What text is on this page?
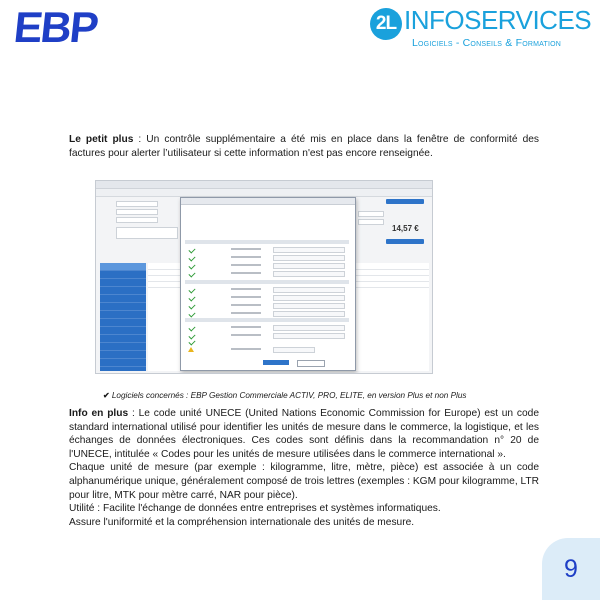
EBP	2L INFOSERVICES
Logiciels - Conseils & Formation
Le petit plus : Un contrôle supplémentaire a été mis en place dans la fenêtre de conformité des factures pour alerter l’utilisateur si cette information n'est pas encore renseignée.
14,57 €
✔ Logiciels concernés : EBP Gestion Commerciale ACTIV, PRO, ELITE, en version Plus et non Plus
Info en plus : Le code unité UNECE (United Nations Economic Commission for Europe) est un code standard international utilisé pour identifier les unités de mesure dans le commerce, la logistique, et les échanges de données électroniques. Ces codes sont définis dans la recommandation n° 20 de l'UNECE, intitulée « Codes pour les unités de mesure utilisées dans le commerce international ».
Chaque unité de mesure (par exemple : kilogramme, litre, mètre, pièce) est associée à un code alphanumérique unique, généralement composé de trois lettres (exemples : KGM pour kilogramme, LTR pour litre, MTK pour mètre carré, NAR pour pièce).
Utilité : Facilite l'échange de données entre entreprises et systèmes informatiques.
Assure l'uniformité et la compréhension internationale des unités de mesure.
9
